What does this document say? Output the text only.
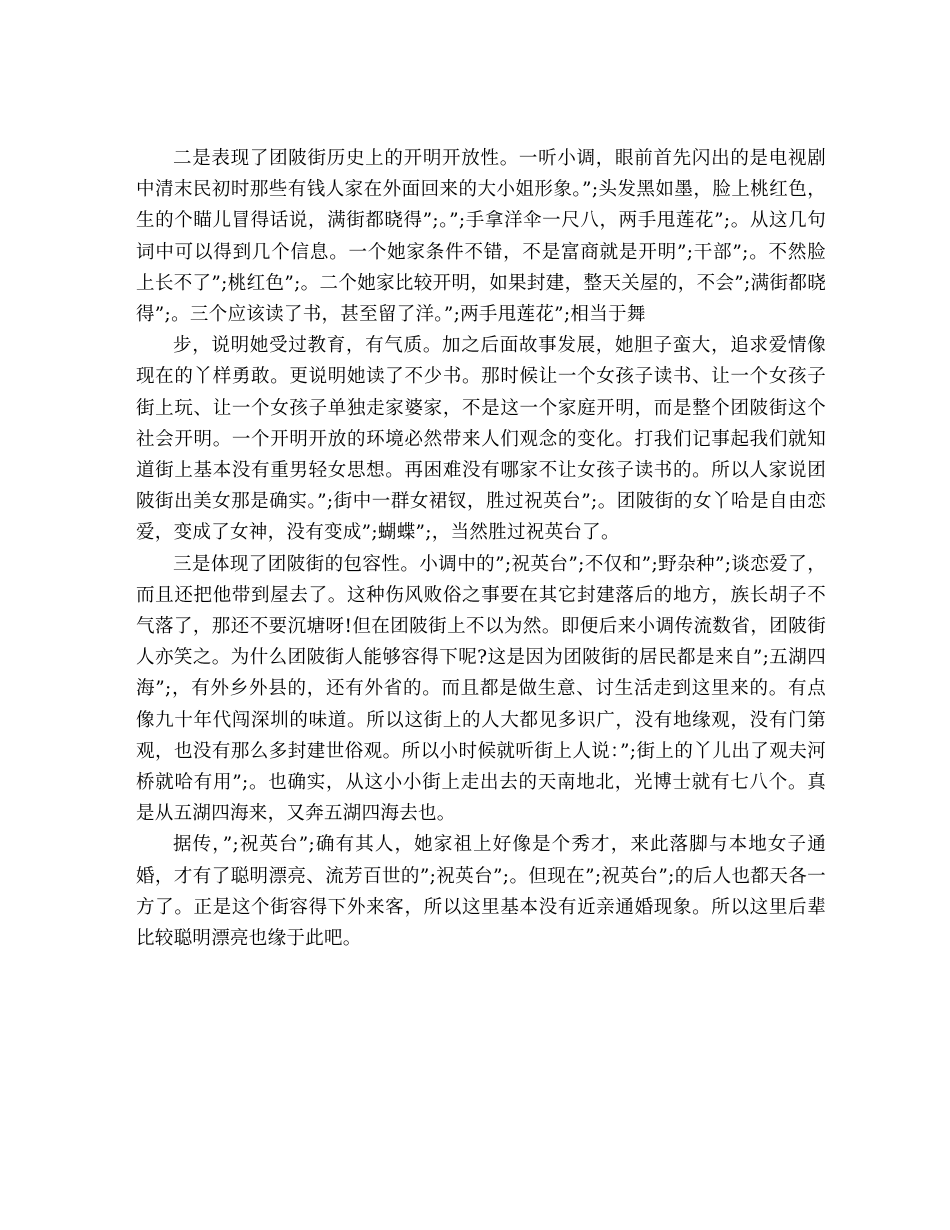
二是表现了团陂街历史上的开明开放性。一听小调，眼前首先闪出的是电视剧中清末民初时那些有钱人家在外面回来的大小姐形象。”;头发黑如墨，脸上桃红色，生的个瞄儿冒得话说，满街都晓得”;。”;手拿洋伞一尺八，两手甩莲花”;。从这几句词中可以得到几个信息。一个她家条件不错，不是富商就是开明”;干部”;。不然脸上长不了”;桃红色”;。二个她家比较开明，如果封建，整天关屋的，不会”;满街都晓得”;。三个应该读了书，甚至留了洋。”;两手甩莲花”;相当于舞

步，说明她受过教育，有气质。加之后面故事发展，她胆子蛮大，追求爱情像现在的丫样勇敢。更说明她读了不少书。那时候让一个女孩子读书、让一个女孩子街上玩、让一个女孩子单独走家婆家，不是这一个家庭开明，而是整个团陂街这个社会开明。一个开明开放的环境必然带来人们观念的变化。打我们记事起我们就知道街上基本没有重男轻女思想。再困难没有哪家不让女孩子读书的。所以人家说团陂街出美女那是确实。”;街中一群女裙钗，胜过祝英台”;。团陂街的女丫哈是自由恋爱，变成了女神，没有变成”;蝴蝶”;，当然胜过祝英台了。

三是体现了团陂街的包容性。小调中的”;祝英台”;不仅和”;野杂种”;谈恋爱了，而且还把他带到屋去了。这种伤风败俗之事要在其它封建落后的地方，族长胡子不气落了，那还不要沉塘呀!但在团陂街上不以为然。即便后来小调传流数省，团陂街人亦笑之。为什么团陂街人能够容得下呢?这是因为团陂街的居民都是来自”;五湖四海”;，有外乡外县的，还有外省的。而且都是做生意、讨生活走到这里来的。有点像九十年代闯深圳的味道。所以这街上的人大都见多识广，没有地缘观，没有门第观，也没有那么多封建世俗观。所以小时候就听街上人说：”;街上的丫儿出了观夫河桥就哈有用”;。也确实，从这小小街上走出去的天南地北，光博士就有七八个。真是从五湖四海来，又奔五湖四海去也。

据传，”;祝英台”;确有其人，她家祖上好像是个秀才，来此落脚与本地女子通婚，才有了聪明漂亮、流芳百世的”;祝英台”;。但现在”;祝英台”;的后人也都天各一方了。正是这个街容得下外来客，所以这里基本没有近亲通婚现象。所以这里后辈比较聪明漂亮也缘于此吧。
